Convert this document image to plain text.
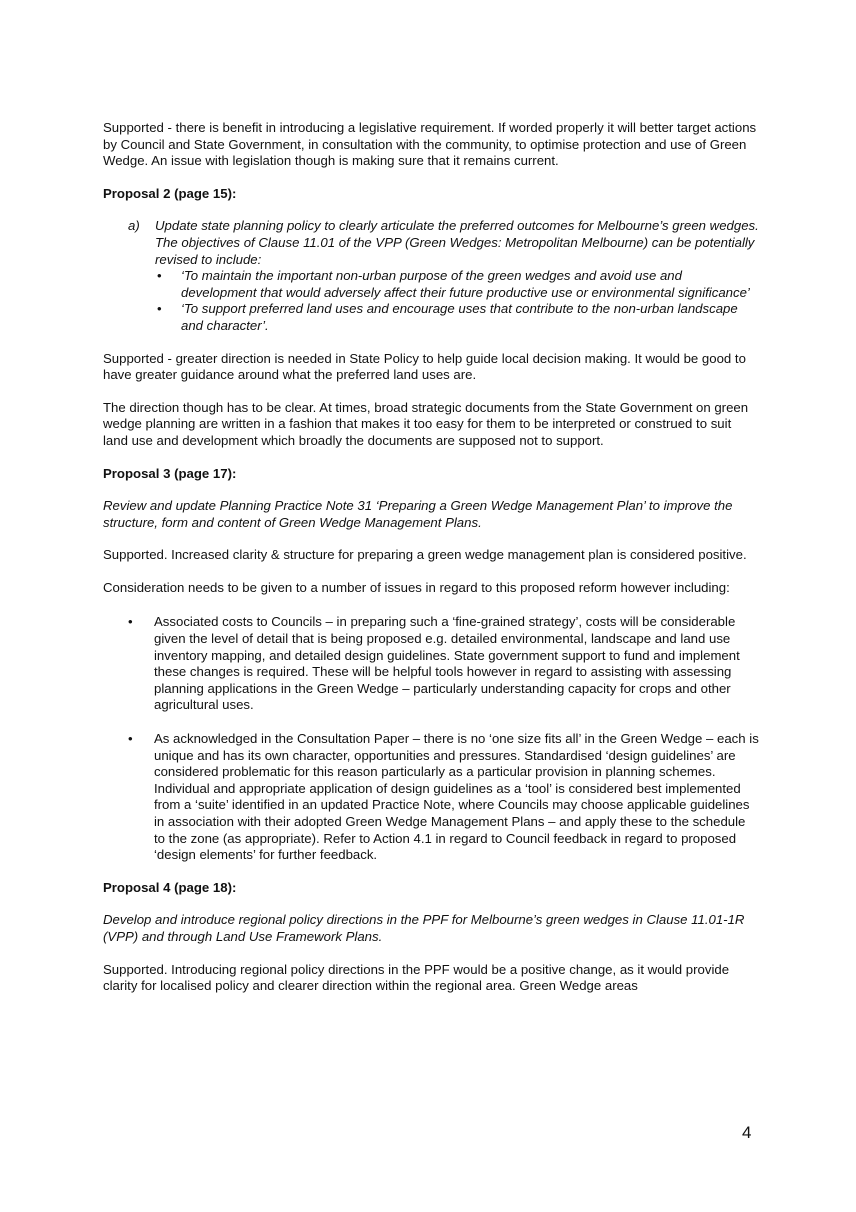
Supported - there is benefit in introducing a legislative requirement. If worded properly it will better target actions by Council and State Government, in consultation with the community, to optimise protection and use of Green Wedge. An issue with legislation though is making sure that it remains current.

Proposal 2 (page 15):

a) Update state planning policy to clearly articulate the preferred outcomes for Melbourne’s green wedges. The objectives of Clause 11.01 of the VPP (Green Wedges: Metropolitan Melbourne) can be potentially revised to include:

• ‘To maintain the important non-urban purpose of the green wedges and avoid use and development that would adversely affect their future productive use or environmental significance’

• ‘To support preferred land uses and encourage uses that contribute to the non-urban landscape and character’.

Supported - greater direction is needed in State Policy to help guide local decision making. It would be good to have greater guidance around what the preferred land uses are.

The direction though has to be clear. At times, broad strategic documents from the State Government on green wedge planning are written in a fashion that makes it too easy for them to be interpreted or construed to suit land use and development which broadly the documents are supposed not to support.

Proposal 3 (page 17):

Review and update Planning Practice Note 31 ‘Preparing a Green Wedge Management Plan’ to improve the structure, form and content of Green Wedge Management Plans.

Supported. Increased clarity & structure for preparing a green wedge management plan is considered positive.

Consideration needs to be given to a number of issues in regard to this proposed reform however including:

• Associated costs to Councils – in preparing such a ‘fine-grained strategy’, costs will be considerable given the level of detail that is being proposed e.g. detailed environmental, landscape and land use inventory mapping, and detailed design guidelines. State government support to fund and implement these changes is required. These will be helpful tools however in regard to assisting with assessing planning applications in the Green Wedge – particularly understanding capacity for crops and other agricultural uses.

• As acknowledged in the Consultation Paper – there is no ‘one size fits all’ in the Green Wedge – each is unique and has its own character, opportunities and pressures. Standardised ‘design guidelines’ are considered problematic for this reason particularly as a particular provision in planning schemes. Individual and appropriate application of design guidelines as a ‘tool’ is considered best implemented from a ‘suite’ identified in an updated Practice Note, where Councils may choose applicable guidelines in association with their adopted Green Wedge Management Plans – and apply these to the schedule to the zone (as appropriate). Refer to Action 4.1 in regard to Council feedback in regard to proposed ‘design elements’ for further feedback.

Proposal 4 (page 18):

Develop and introduce regional policy directions in the PPF for Melbourne’s green wedges in Clause 11.01-1R (VPP) and through Land Use Framework Plans.

Supported. Introducing regional policy directions in the PPF would be a positive change, as it would provide clarity for localised policy and clearer direction within the regional area. Green Wedge areas

4
